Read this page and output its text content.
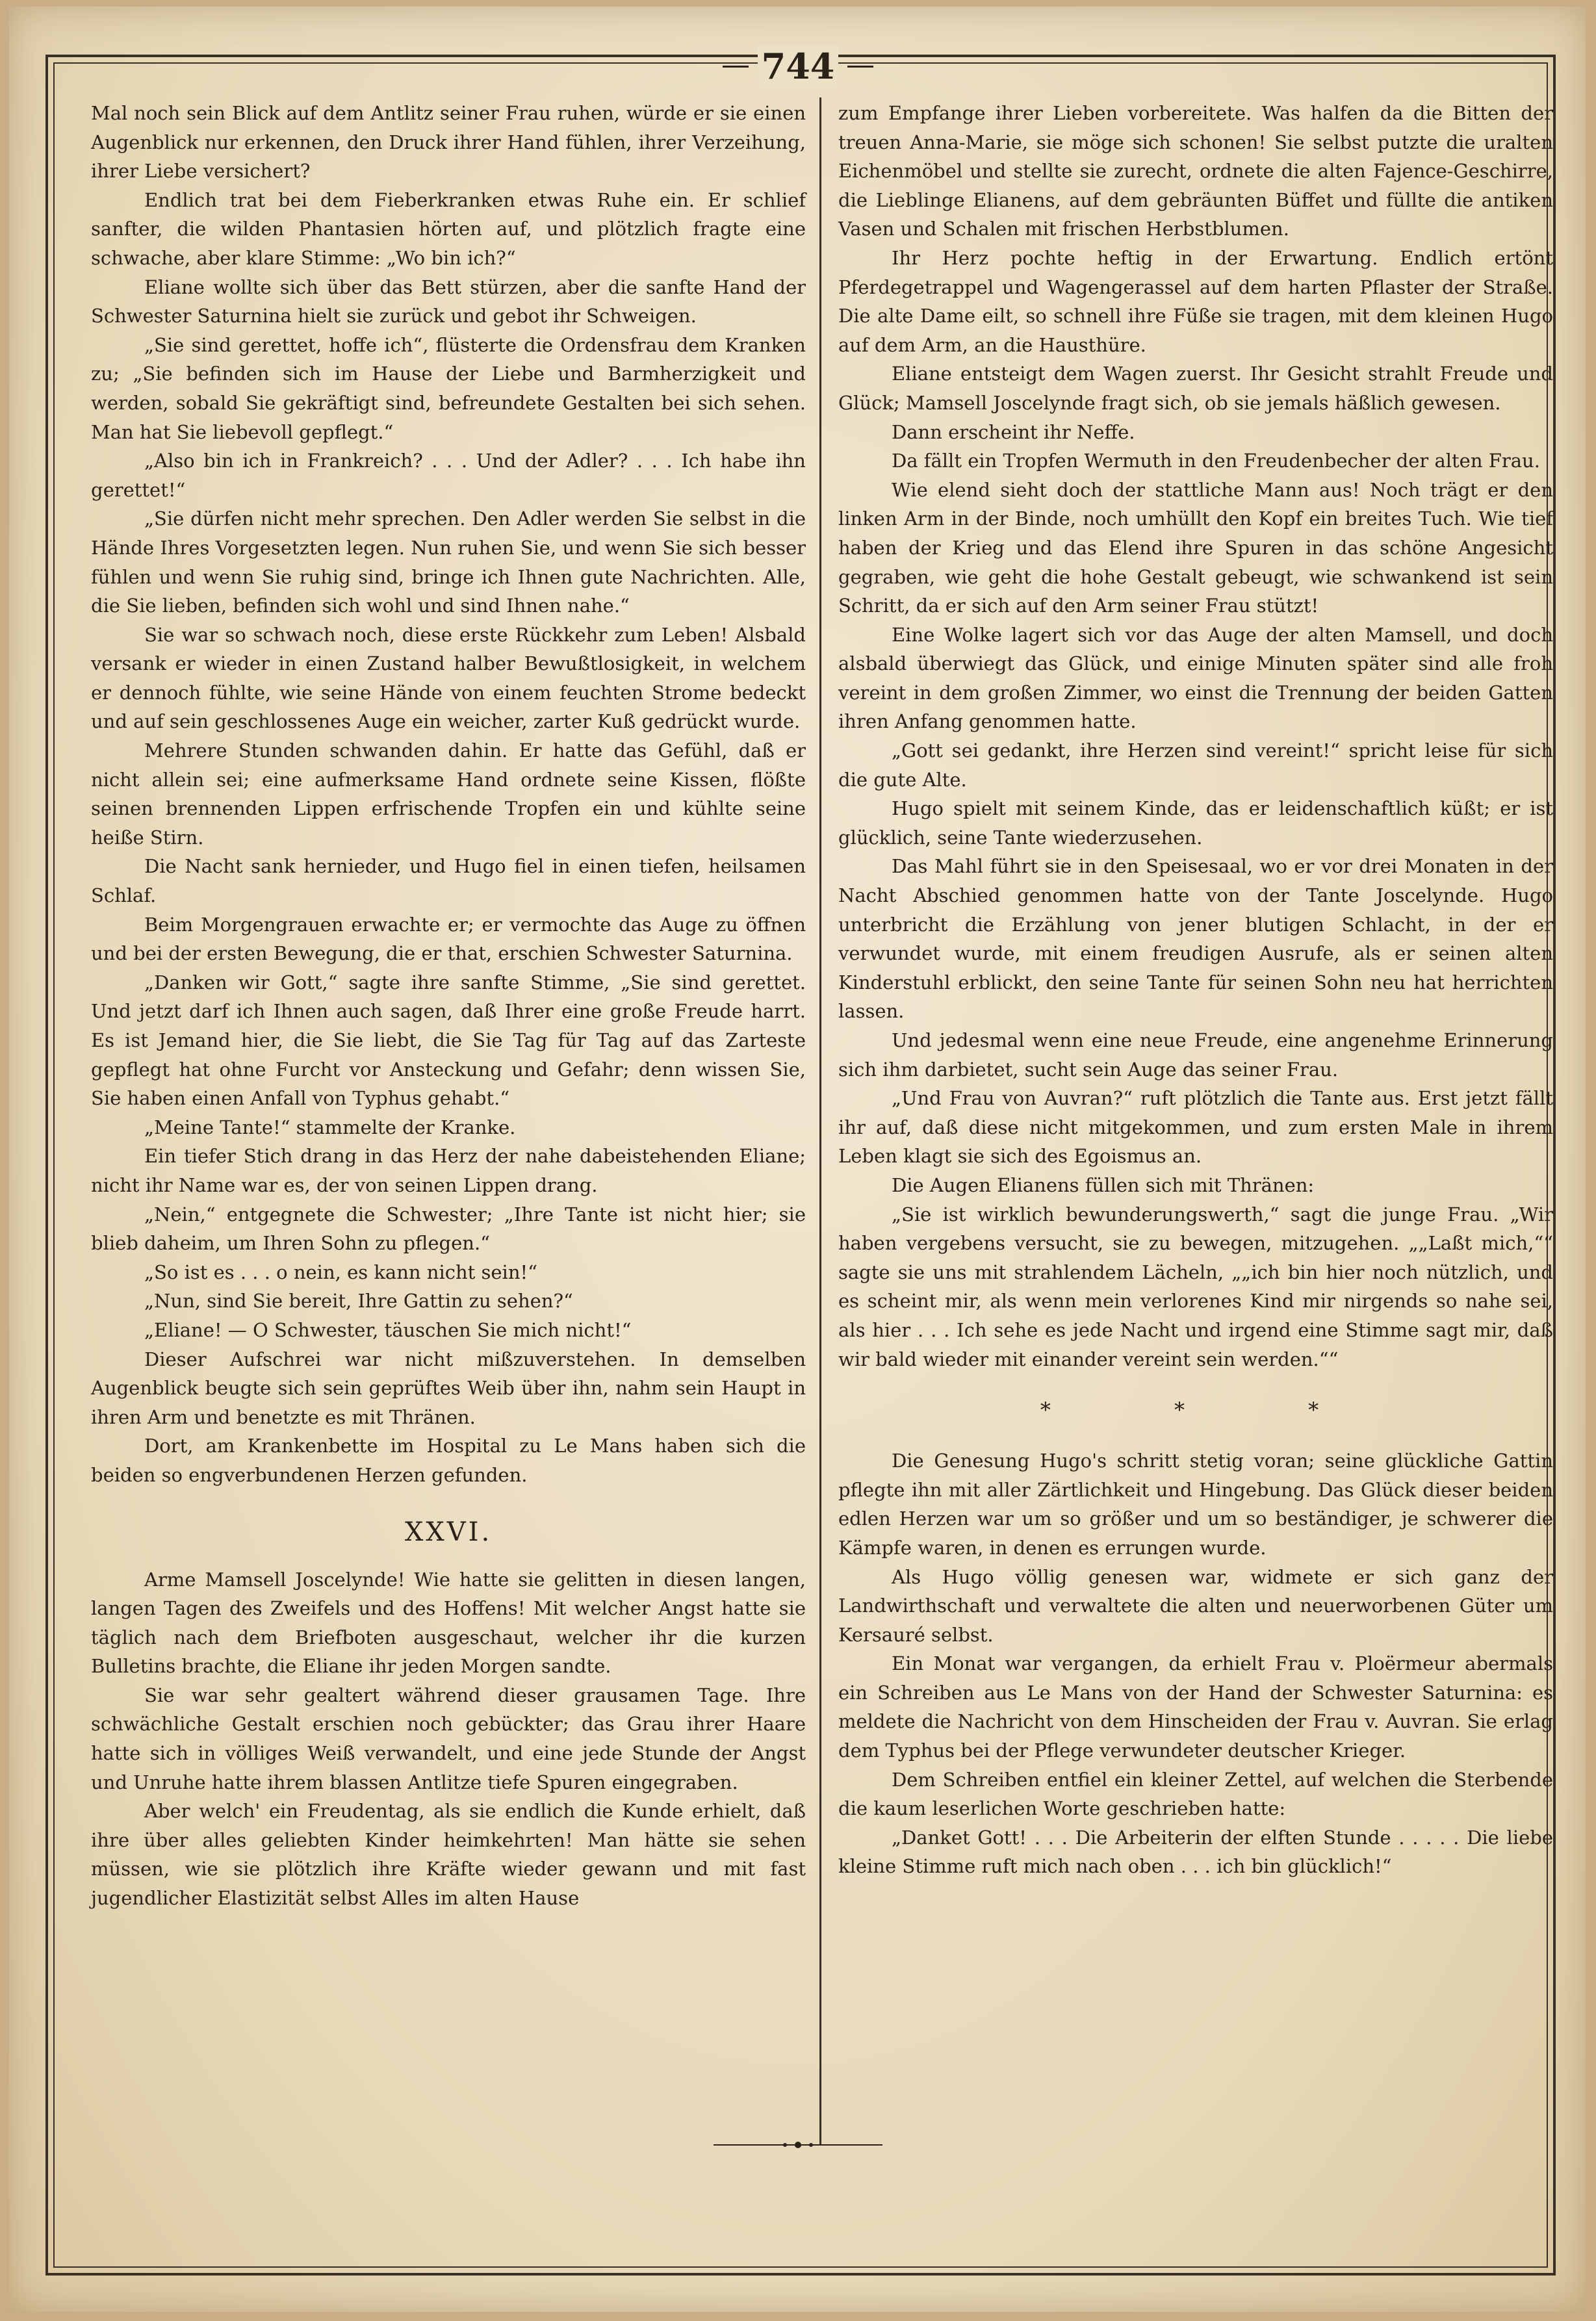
744

Mal noch sein Blick auf dem Antlitz seiner Frau ruhen, würde er sie einen Augenblick nur erkennen, den Druck ihrer Hand fühlen, ihrer Verzeihung, ihrer Liebe versichert?

Endlich trat bei dem Fieberkranken etwas Ruhe ein. Er schlief sanfter, die wilden Phantasien hörten auf, und plötzlich fragte eine schwache, aber klare Stimme: „Wo bin ich?“

Eliane wollte sich über das Bett stürzen, aber die sanfte Hand der Schwester Saturnina hielt sie zurück und gebot ihr Schweigen.

„Sie sind gerettet, hoffe ich“, flüsterte die Ordensfrau dem Kranken zu; „Sie befinden sich im Hause der Liebe und Barmherzigkeit und werden, sobald Sie gekräftigt sind, befreundete Gestalten bei sich sehen. Man hat Sie liebevoll gepflegt.“

„Also bin ich in Frankreich? . . . Und der Adler? . . . Ich habe ihn gerettet!“

„Sie dürfen nicht mehr sprechen. Den Adler werden Sie selbst in die Hände Ihres Vorgesetzten legen. Nun ruhen Sie, und wenn Sie sich besser fühlen und wenn Sie ruhig sind, bringe ich Ihnen gute Nachrichten. Alle, die Sie lieben, befinden sich wohl und sind Ihnen nahe.“

Sie war so schwach noch, diese erste Rückkehr zum Leben! Alsbald versank er wieder in einen Zustand halber Bewußtlosigkeit, in welchem er dennoch fühlte, wie seine Hände von einem feuchten Strome bedeckt und auf sein geschlossenes Auge ein weicher, zarter Kuß gedrückt wurde.

Mehrere Stunden schwanden dahin. Er hatte das Gefühl, daß er nicht allein sei; eine aufmerksame Hand ordnete seine Kissen, flößte seinen brennenden Lippen erfrischende Tropfen ein und kühlte seine heiße Stirn.

Die Nacht sank hernieder, und Hugo fiel in einen tiefen, heilsamen Schlaf.

Beim Morgengrauen erwachte er; er vermochte das Auge zu öffnen und bei der ersten Bewegung, die er that, erschien Schwester Saturnina.

„Danken wir Gott,“ sagte ihre sanfte Stimme, „Sie sind gerettet. Und jetzt darf ich Ihnen auch sagen, daß Ihrer eine große Freude harrt. Es ist Jemand hier, die Sie liebt, die Sie Tag für Tag auf das Zarteste gepflegt hat ohne Furcht vor Ansteckung und Gefahr; denn wissen Sie, Sie haben einen Anfall von Typhus gehabt.“

„Meine Tante!“ stammelte der Kranke.

Ein tiefer Stich drang in das Herz der nahe dabeistehenden Eliane; nicht ihr Name war es, der von seinen Lippen drang.

„Nein,“ entgegnete die Schwester; „Ihre Tante ist nicht hier; sie blieb daheim, um Ihren Sohn zu pflegen.“

„So ist es . . . o nein, es kann nicht sein!“

„Nun, sind Sie bereit, Ihre Gattin zu sehen?“

„Eliane! — O Schwester, täuschen Sie mich nicht!“

Dieser Aufschrei war nicht mißzuverstehen. In demselben Augenblick beugte sich sein geprüftes Weib über ihn, nahm sein Haupt in ihren Arm und benetzte es mit Thränen.

Dort, am Krankenbette im Hospital zu Le Mans haben sich die beiden so engverbundenen Herzen gefunden.

XXVI.

Arme Mamsell Joscelynde! Wie hatte sie gelitten in diesen langen, langen Tagen des Zweifels und des Hoffens! Mit welcher Angst hatte sie täglich nach dem Briefboten ausgeschaut, welcher ihr die kurzen Bulletins brachte, die Eliane ihr jeden Morgen sandte.

Sie war sehr gealtert während dieser grausamen Tage. Ihre schwächliche Gestalt erschien noch gebückter; das Grau ihrer Haare hatte sich in völliges Weiß verwandelt, und eine jede Stunde der Angst und Unruhe hatte ihrem blassen Antlitze tiefe Spuren eingegraben.

Aber welch' ein Freudentag, als sie endlich die Kunde erhielt, daß ihre über alles geliebten Kinder heimkehrten! Man hätte sie sehen müssen, wie sie plötzlich ihre Kräfte wieder gewann und mit fast jugendlicher Elastizität selbst Alles im alten Hause

zum Empfange ihrer Lieben vorbereitete. Was halfen da die Bitten der treuen Anna-Marie, sie möge sich schonen! Sie selbst putzte die uralten Eichenmöbel und stellte sie zurecht, ordnete die alten Fajence-Geschirre, die Lieblinge Elianens, auf dem gebräunten Büffet und füllte die antiken Vasen und Schalen mit frischen Herbstblumen.

Ihr Herz pochte heftig in der Erwartung. Endlich ertönt Pferdegetrappel und Wagengerassel auf dem harten Pflaster der Straße. Die alte Dame eilt, so schnell ihre Füße sie tragen, mit dem kleinen Hugo auf dem Arm, an die Hausthüre.

Eliane entsteigt dem Wagen zuerst. Ihr Gesicht strahlt Freude und Glück; Mamsell Joscelynde fragt sich, ob sie jemals häßlich gewesen.

Dann erscheint ihr Neffe.

Da fällt ein Tropfen Wermuth in den Freudenbecher der alten Frau.

Wie elend sieht doch der stattliche Mann aus! Noch trägt er den linken Arm in der Binde, noch umhüllt den Kopf ein breites Tuch. Wie tief haben der Krieg und das Elend ihre Spuren in das schöne Angesicht gegraben, wie geht die hohe Gestalt gebeugt, wie schwankend ist sein Schritt, da er sich auf den Arm seiner Frau stützt!

Eine Wolke lagert sich vor das Auge der alten Mamsell, und doch alsbald überwiegt das Glück, und einige Minuten später sind alle froh vereint in dem großen Zimmer, wo einst die Trennung der beiden Gatten ihren Anfang genommen hatte.

„Gott sei gedankt, ihre Herzen sind vereint!“ spricht leise für sich die gute Alte.

Hugo spielt mit seinem Kinde, das er leidenschaftlich küßt; er ist glücklich, seine Tante wiederzusehen.

Das Mahl führt sie in den Speisesaal, wo er vor drei Monaten in der Nacht Abschied genommen hatte von der Tante Joscelynde. Hugo unterbricht die Erzählung von jener blutigen Schlacht, in der er verwundet wurde, mit einem freudigen Ausrufe, als er seinen alten Kinderstuhl erblickt, den seine Tante für seinen Sohn neu hat herrichten lassen.

Und jedesmal wenn eine neue Freude, eine angenehme Erinnerung sich ihm darbietet, sucht sein Auge das seiner Frau.

„Und Frau von Auvran?“ ruft plötzlich die Tante aus. Erst jetzt fällt ihr auf, daß diese nicht mitgekommen, und zum ersten Male in ihrem Leben klagt sie sich des Egoismus an.

Die Augen Elianens füllen sich mit Thränen:

„Sie ist wirklich bewunderungswerth,“ sagt die junge Frau. „Wir haben vergebens versucht, sie zu bewegen, mitzugehen. „„Laßt mich,““ sagte sie uns mit strahlendem Lächeln, „„ich bin hier noch nützlich, und es scheint mir, als wenn mein verlorenes Kind mir nirgends so nahe sei, als hier . . . Ich sehe es jede Nacht und irgend eine Stimme sagt mir, daß wir bald wieder mit einander vereint sein werden.““

* * *

Die Genesung Hugo's schritt stetig voran; seine glückliche Gattin pflegte ihn mit aller Zärtlichkeit und Hingebung. Das Glück dieser beiden edlen Herzen war um so größer und um so beständiger, je schwerer die Kämpfe waren, in denen es errungen wurde.

Als Hugo völlig genesen war, widmete er sich ganz der Landwirthschaft und verwaltete die alten und neuerworbenen Güter um Kersauré selbst.

Ein Monat war vergangen, da erhielt Frau v. Ploërmeur abermals ein Schreiben aus Le Mans von der Hand der Schwester Saturnina: es meldete die Nachricht von dem Hinscheiden der Frau v. Auvran. Sie erlag dem Typhus bei der Pflege verwundeter deutscher Krieger.

Dem Schreiben entfiel ein kleiner Zettel, auf welchen die Sterbende die kaum leserlichen Worte geschrieben hatte:

„Danket Gott! . . . Die Arbeiterin der elften Stunde . . . . . Die liebe kleine Stimme ruft mich nach oben . . . ich bin glücklich!“
